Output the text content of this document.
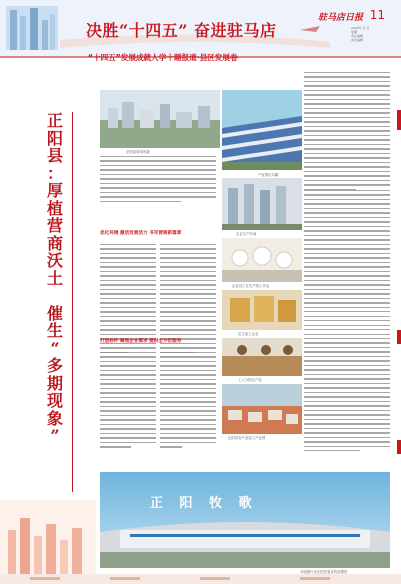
决胜“十四五” 奋进驻马店
“十四五”发展成就人学十题报道·县区发展卷
驻马店日报 11
2025年 月 日
星期
责任编辑
美术编辑
正
阳
县
：
厚
植
营
商
沃
土

催
生
“
多
期
现
象
”
正阳县城市风貌
产业园区鸟瞰
优化环境 激活发展活力 书写营商新篇章	企业生产车间
企业员工在生产线上作业
花生加工企业
工人分拣农产品
正阳县农产品加工产业园
打造标杆 聚焦企业需求 提供全方位服务
正 阳 牧 歌
本版图片由正阳县委宣传部提供
